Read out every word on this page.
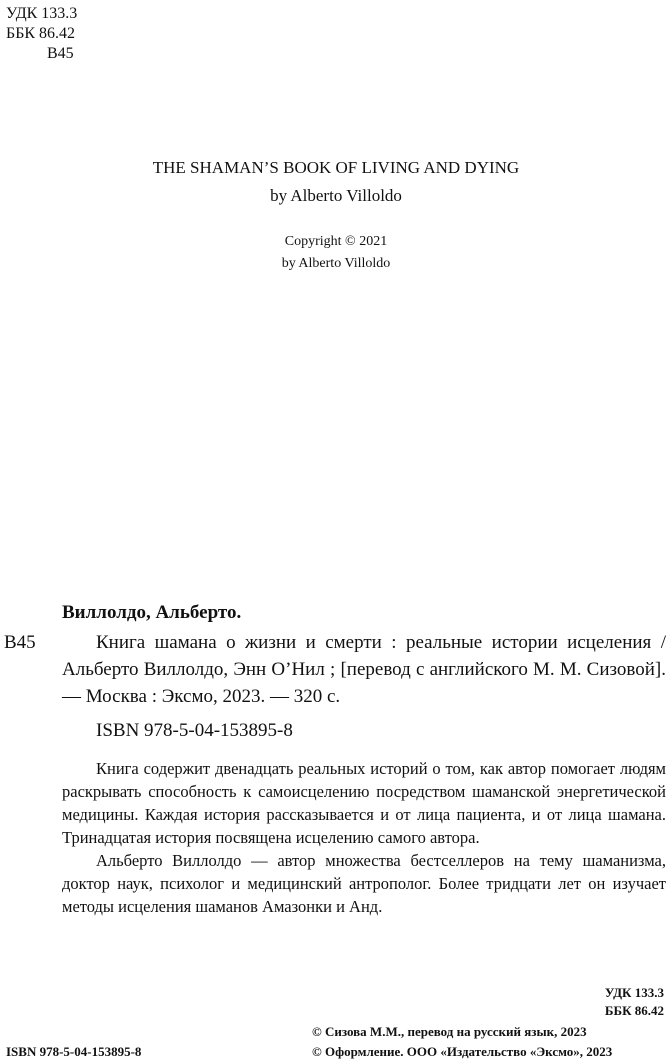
УДК 133.3
ББК 86.42
В45
THE SHAMAN’S BOOK OF LIVING AND DYING
by Alberto Villoldo
Copyright © 2021
by Alberto Villoldo
Виллолдо, Альберто.
В45	Книга шамана о жизни и смерти : реальные истории исцеления / Альберто Виллолдо, Энн О’Нил ; [перевод с английского М. М. Сизовой]. — Москва : Эксмо, 2023. — 320 с.

ISBN 978-5-04-153895-8

Книга содержит двенадцать реальных историй о том, как автор помогает людям раскрывать способность к самоисцелению посредством шаманской энергетической медицины. Каждая история рассказывается и от лица пациента, и от лица шамана. Тринадцатая история посвящена исцелению самого автора.

Альберто Виллолдо — автор множества бестселлеров на тему шаманизма, доктор наук, психолог и медицинский антрополог. Более тридцати лет он изучает методы исцеления шаманов Амазонки и Анд.

УДК 133.3
ББК 86.42
ISBN 978-5-04-153895-8
© Сизова М.М., перевод на русский язык, 2023
© Оформление. ООО «Издательство «Эксмо», 2023
